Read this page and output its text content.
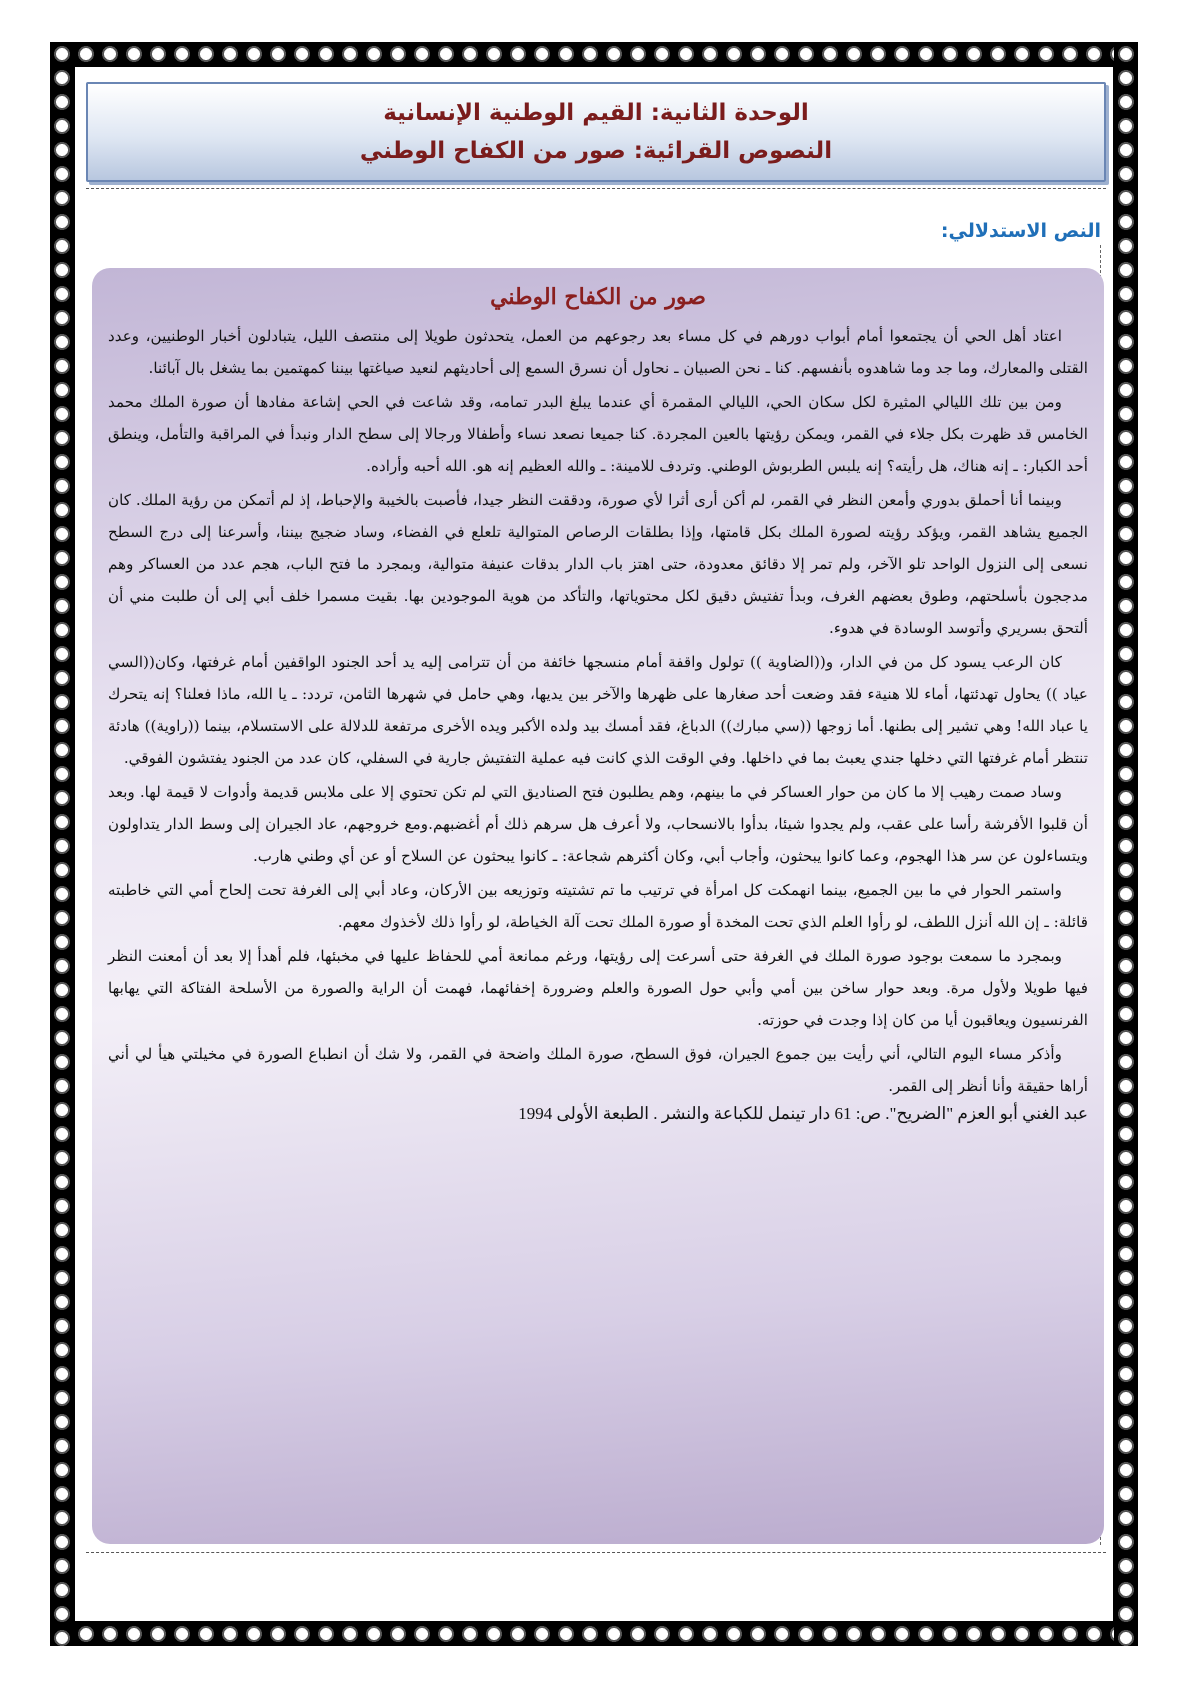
الوحدة الثانية: القيم الوطنية الإنسانية
النصوص القرائية: صور من الكفاح الوطني
النص الاستدلالي:
صور من الكفاح الوطني

اعتاد أهل الحي أن يجتمعوا أمام أبواب دورهم في كل مساء بعد رجوعهم من العمل، يتحدثون طويلا إلى منتصف الليل، يتبادلون أخبار الوطنيين، وعدد القتلى والمعارك، وما جد وما شاهدوه بأنفسهم. كنا ـ نحن الصبيان ـ نحاول أن نسرق السمع إلى أحاديثهم لنعيد صياغتها بيننا كمهتمين بما يشغل بال آبائنا.

ومن بين تلك الليالي المثيرة لكل سكان الحي، الليالي المقمرة أي عندما يبلغ البدر تمامه، وقد شاعت في الحي إشاعة مفادها أن صورة الملك محمد الخامس قد ظهرت بكل جلاء في القمر، ويمكن رؤيتها بالعين المجردة. كنا جميعا نصعد نساء وأطفالا ورجالا إلى سطح الدار ونبدأ في المراقبة والتأمل، وينطق أحد الكبار: ـ إنه هناك، هل رأيته؟ إنه يلبس الطربوش الوطني. وتردف للامينة: ـ والله العظيم إنه هو. الله أحبه وأراده.

وبينما أنا أحملق بدوري وأمعن النظر في القمر، لم أكن أرى أثرا لأي صورة، ودققت النظر جيدا، فأصبت بالخيبة والإحباط، إذ لم أتمكن من رؤية الملك. كان الجميع يشاهد القمر، ويؤكد رؤيته لصورة الملك بكل قامتها، وإذا بطلقات الرصاص المتوالية تلعلع في الفضاء، وساد ضجيج بيننا، وأسرعنا إلى درج السطح نسعى إلى النزول الواحد تلو الآخر، ولم تمر إلا دقائق معدودة، حتى اهتز باب الدار بدقات عنيفة متوالية، وبمجرد ما فتح الباب، هجم عدد من العساكر وهم مدججون بأسلحتهم، وطوق بعضهم الغرف، وبدأ تفتيش دقيق لكل محتوياتها، والتأكد من هوية الموجودين بها. بقيت مسمرا خلف أبي إلى أن طلبت مني أن ألتحق بسريري وأتوسد الوسادة في هدوء.

كان الرعب يسود كل من في الدار، و((الضاوية )) تولول واقفة أمام منسجها خائفة من أن تترامى إليه يد أحد الجنود الواقفين أمام غرفتها، وكان((السي عياد )) يحاول تهدئتها، أماء للا هنيةء فقد وضعت أحد صغارها على ظهرها والآخر بين يديها، وهي حامل في شهرها الثامن، تردد: ـ يا الله، ماذا فعلنا؟ إنه يتحرك يا عباد الله! وهي تشير إلى بطنها. أما زوجها ((سي مبارك)) الدباغ، فقد أمسك بيد ولده الأكبر ويده الأخرى مرتفعة للدلالة على الاستسلام، بينما ((راوية)) هادئة تنتظر أمام غرفتها التي دخلها جندي يعبث بما في داخلها. وفي الوقت الذي كانت فيه عملية التفتيش جارية في السفلي، كان عدد من الجنود يفتشون الفوقي.

وساد صمت رهيب إلا ما كان من حوار العساكر في ما بينهم، وهم يطلبون فتح الصناديق التي لم تكن تحتوي إلا على ملابس قديمة وأدوات لا قيمة لها. وبعد أن قلبوا الأفرشة رأسا على عقب، ولم يجدوا شيئا، بدأوا بالانسحاب، ولا أعرف هل سرهم ذلك أم أغضبهم.ومع خروجهم، عاد الجيران إلى وسط الدار يتداولون ويتساءلون عن سر هذا الهجوم، وعما كانوا يبحثون، وأجاب أبي، وكان أكثرهم شجاعة: ـ كانوا يبحثون عن السلاح أو عن أي وطني هارب.

واستمر الحوار في ما بين الجميع، بينما انهمكت كل امرأة في ترتيب ما تم تشتيته وتوزيعه بين الأركان، وعاد أبي إلى الغرفة تحت إلحاح أمي التي خاطبته قائلة: ـ إن الله أنزل اللطف، لو رأوا العلم الذي تحت المخدة أو صورة الملك تحت آلة الخياطة، لو رأوا ذلك لأخذوك معهم.

وبمجرد ما سمعت بوجود صورة الملك في الغرفة حتى أسرعت إلى رؤيتها، ورغم ممانعة أمي للحفاظ عليها في مخبئها، فلم أهدأ إلا بعد أن أمعنت النظر فيها طويلا ولأول مرة. وبعد حوار ساخن بين أمي وأبي حول الصورة والعلم وضرورة إخفائهما، فهمت أن الراية والصورة من الأسلحة الفتاكة التي يهابها الفرنسيون ويعاقبون أيا من كان إذا وجدت في حوزته.

وأذكر مساء اليوم التالي، أني رأيت بين جموع الجيران، فوق السطح، صورة الملك واضحة في القمر، ولا شك أن انطباع الصورة في مخيلتي هيأ لي أني أراها حقيقة وأنا أنظر إلى القمر.

عبد الغني أبو العزم "الضريح". ص: 61 دار تينمل للكباعة والنشر . الطبعة الأولى 1994
